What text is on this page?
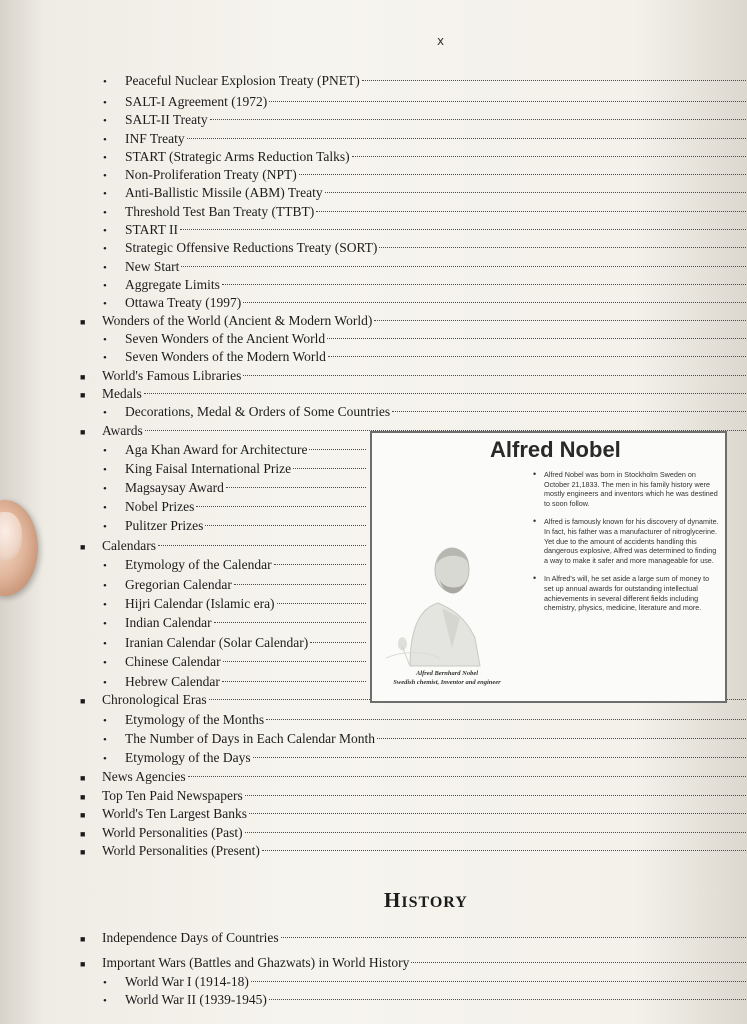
x
•	Peaceful Nuclear Explosion Treaty (PNET)
•	SALT-I Agreement (1972)
•	SALT-II Treaty
•	INF Treaty
•	START (Strategic Arms Reduction Talks)
•	Non-Proliferation Treaty (NPT)
•	Anti-Ballistic Missile (ABM) Treaty
•	Threshold Test Ban Treaty (TTBT)
•	START II
•	Strategic Offensive Reductions Treaty (SORT)
•	New Start
•	Aggregate Limits
•	Ottawa Treaty (1997)
■	Wonders of the World (Ancient & Modern World)
•	Seven Wonders of the Ancient World
•	Seven Wonders of the Modern World
■	World's Famous Libraries
■	Medals
•	Decorations, Medal & Orders of Some Countries
■	Awards
•	Aga Khan Award for Architecture
•	King Faisal International Prize
•	Magsaysay Award
•	Nobel Prizes
•	Pulitzer Prizes
■	Calendars
•	Etymology of the Calendar
•	Gregorian Calendar
•	Hijri Calendar (Islamic era)
•	Indian Calendar
•	Iranian Calendar (Solar Calendar)
•	Chinese Calendar
•	Hebrew Calendar
■	Chronological Eras
•	Etymology of the Months
•	The Number of Days in Each Calendar Month
•	Etymology of the Days
■	News Agencies
■	Top Ten Paid Newspapers
■	World's Ten Largest Banks
■	World Personalities (Past)
■	World Personalities (Present)
HISTORY
■	Independence Days of Countries
■	Important Wars (Battles and Ghazwats) in World History
•	World War I (1914-18)
•	World War II (1939-1945)
Alfred Nobel
• Alfred Nobel was born in Stockholm Sweden on October 21,1833. The men in his family history were mostly engineers and inventors which he was destined to soon follow.
• Alfred is famously known for his discovery of dynamite. In fact, his father was a manufacturer of nitroglycerine. Yet due to the amount of accidents handling this dangerous explosive, Alfred was determined to finding a way to make it safer and more manageable for use.
• In Alfred's will, he set aside a large sum of money to set up annual awards for outstanding intellectual achievements in several different fields including chemistry, physics, medicine, literature and more.
Alfred Bernhard Nobel
Swedish chemist, Inventor and engineer
